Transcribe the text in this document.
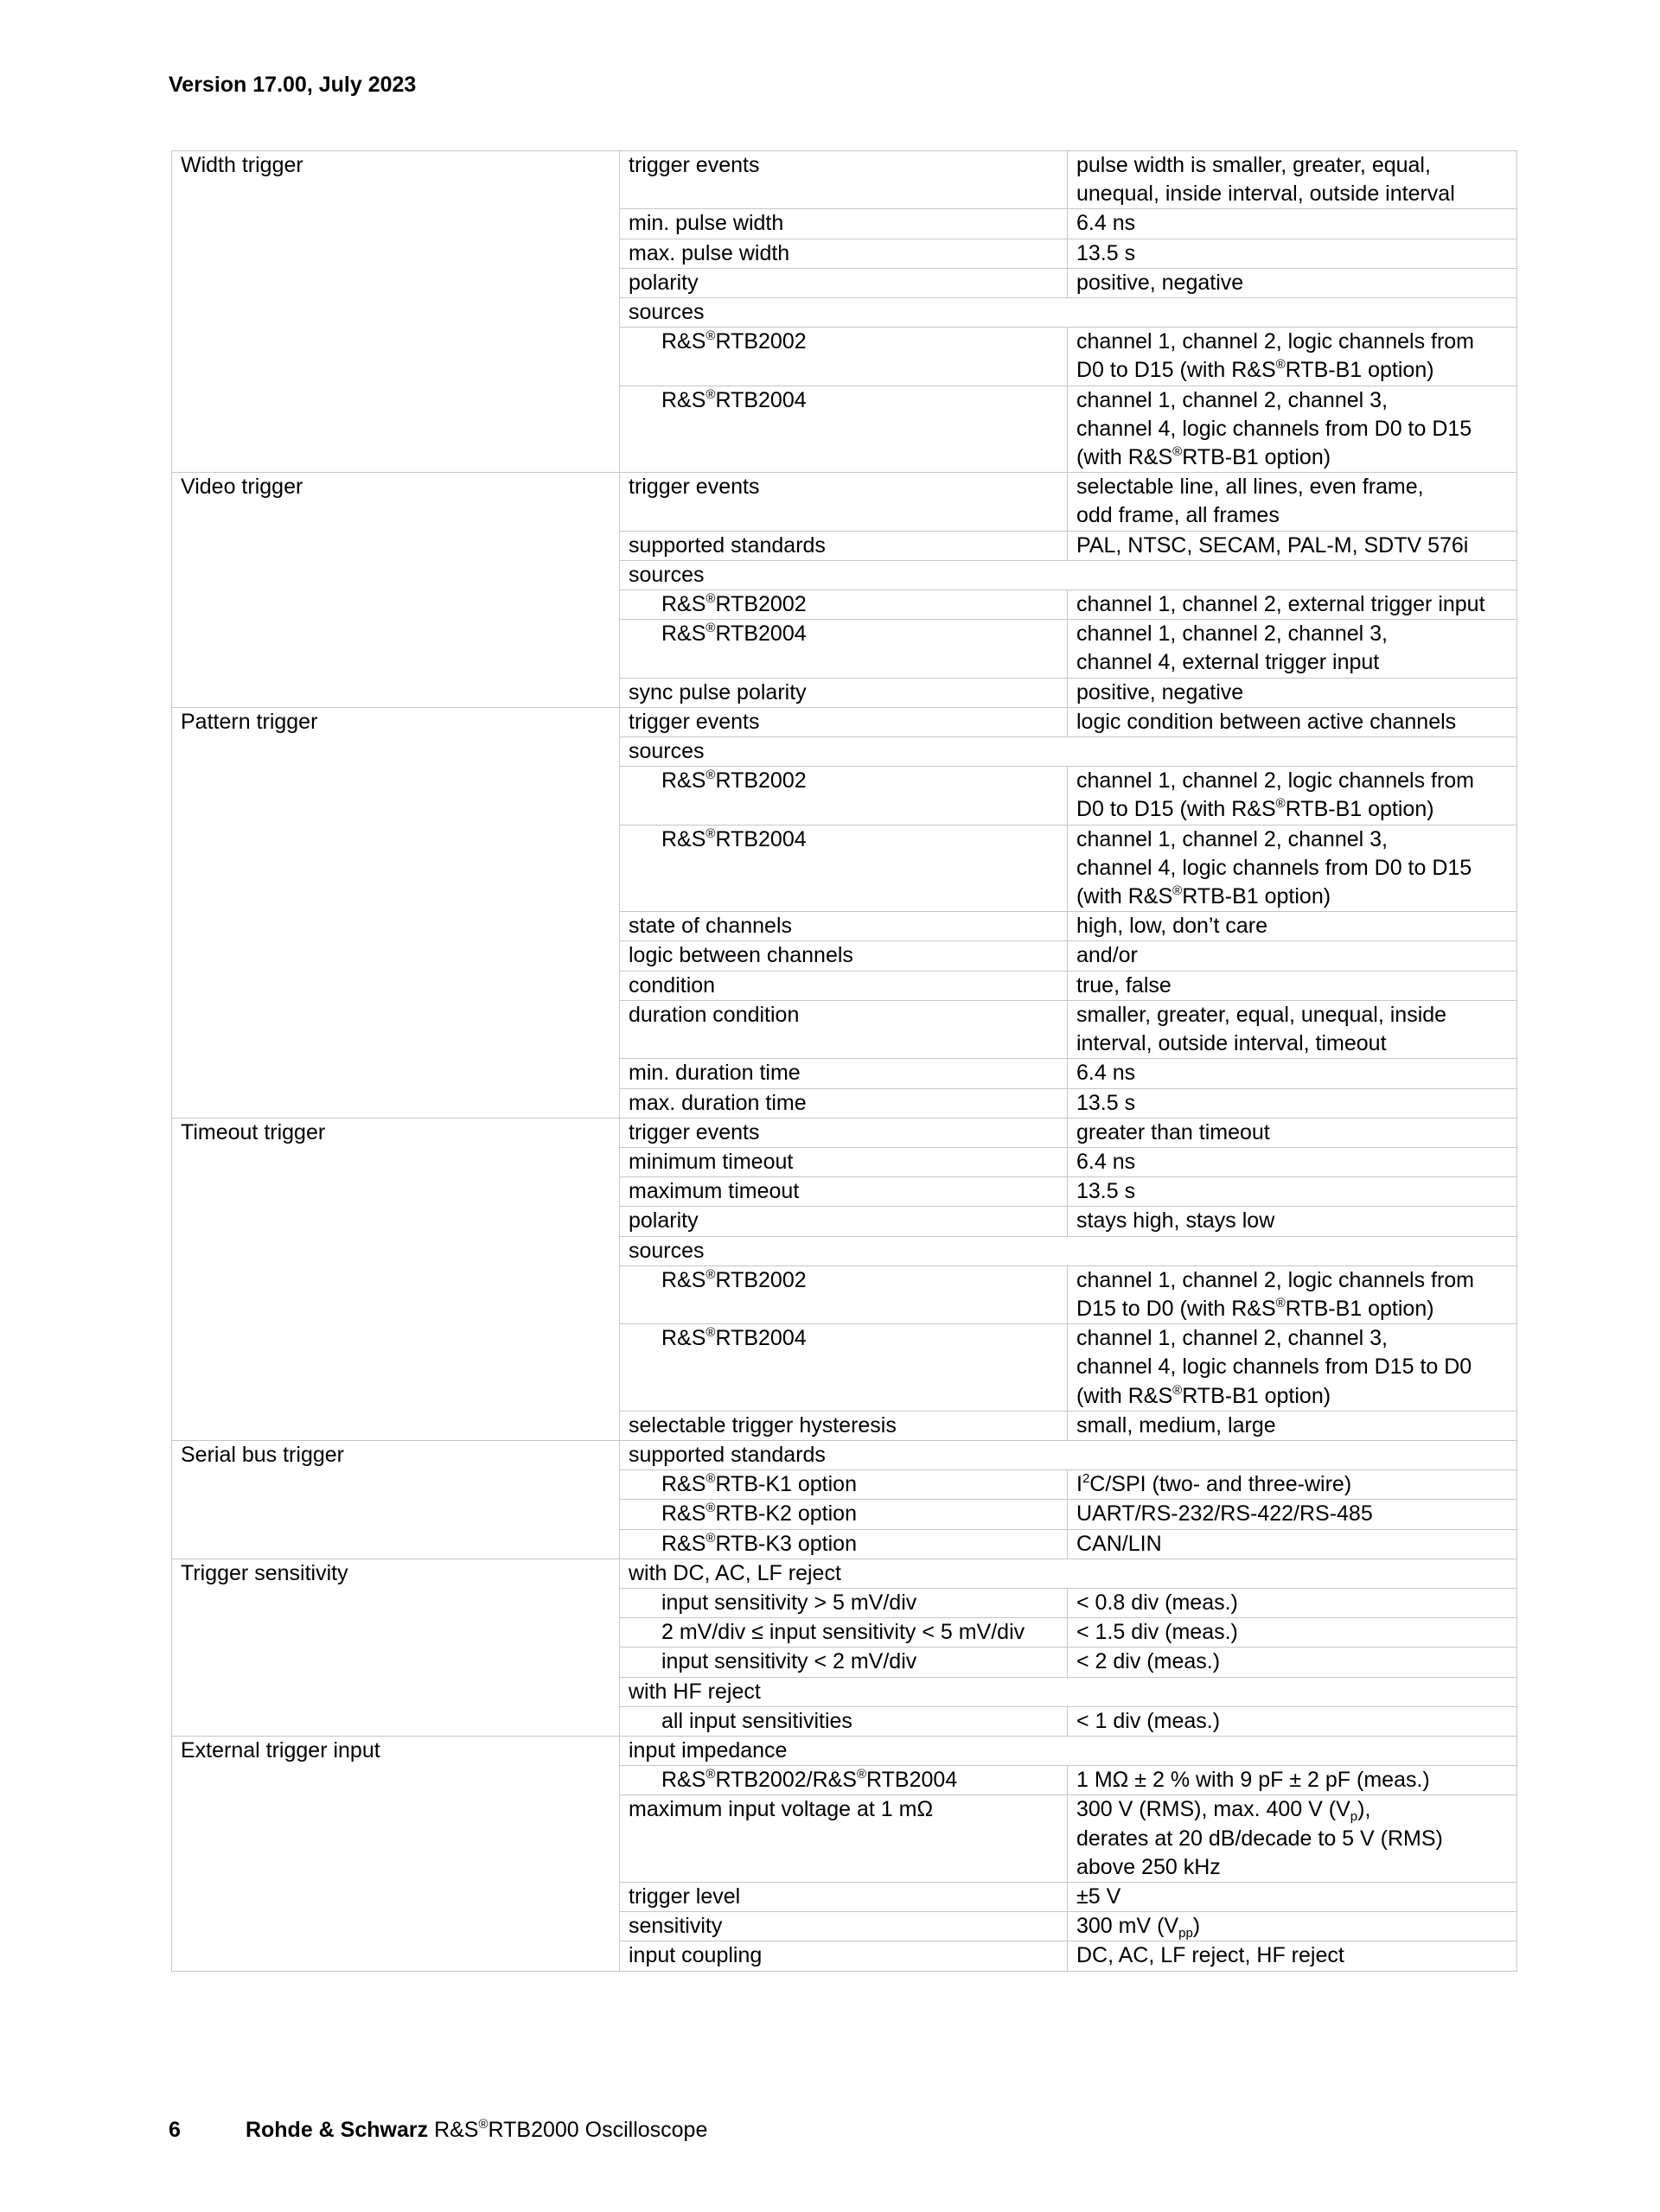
Version 17.00, July 2023
Width trigger	trigger events	pulse width is smaller, greater, equal,
unequal, inside interval, outside interval

	min. pulse width	6.4 ns

	max. pulse width	13.5 s

	polarity	positive, negative

	sources	
	R&S®RTB2002	channel 1, channel 2, logic channels from
D0 to D15 (with R&S®RTB-B1 option)

	R&S®RTB2004	channel 1, channel 2, channel 3,
channel 4, logic channels from D0 to D15
(with R&S®RTB-B1 option)

Video trigger	trigger events	selectable line, all lines, even frame,
odd frame, all frames

	supported standards	PAL, NTSC, SECAM, PAL-M, SDTV 576i

	sources	
	R&S®RTB2002	channel 1, channel 2, external trigger input

	R&S®RTB2004	channel 1, channel 2, channel 3,
channel 4, external trigger input

	sync pulse polarity	positive, negative

Pattern trigger	trigger events	logic condition between active channels

	sources	
	R&S®RTB2002	channel 1, channel 2, logic channels from
D0 to D15 (with R&S®RTB-B1 option)

	R&S®RTB2004	channel 1, channel 2, channel 3,
channel 4, logic channels from D0 to D15
(with R&S®RTB-B1 option)

	state of channels	high, low, don’t care

	logic between channels	and/or

	condition	true, false

	duration condition	smaller, greater, equal, unequal, inside
interval, outside interval, timeout

	min. duration time	6.4 ns

	max. duration time	13.5 s

Timeout trigger	trigger events	greater than timeout

	minimum timeout	6.4 ns

	maximum timeout	13.5 s

	polarity	stays high, stays low

	sources	
	R&S®RTB2002	channel 1, channel 2, logic channels from
D15 to D0 (with R&S®RTB-B1 option)

	R&S®RTB2004	channel 1, channel 2, channel 3,
channel 4, logic channels from D15 to D0
(with R&S®RTB-B1 option)

	selectable trigger hysteresis	small, medium, large

Serial bus trigger	supported standards	
	R&S®RTB-K1 option	$I^2C$/SPI (two- and three-wire)

	R&S®RTB-K2 option	UART/RS-232/RS-422/RS-485

	R&S®RTB-K3 option	CAN/LIN

Trigger sensitivity	with DC, AC, LF reject	
	input sensitivity > 5 mV/div	< 0.8 div (meas.)

	2 mV/div ≤ input sensitivity < 5 mV/div	< 1.5 div (meas.)

	input sensitivity < 2 mV/div	< 2 div (meas.)

	with HF reject	
	all input sensitivities	< 1 div (meas.)

External trigger input	input impedance	
	R&S®RTB2002/R&S®RTB2004	1 MΩ ± 2 % with 9 pF ± 2 pF (meas.)

	maximum input voltage at 1 mΩ	300 V (RMS), max. 400 V $(V_p)$,
derates at 20 dB/decade to 5 V (RMS)
above 250 kHz

	trigger level	±5 V

	sensitivity	300 mV $(V_{pp})$

	input coupling	DC, AC, LF reject, HF reject
6	Rohde & Schwarz R&S®RTB2000 Oscilloscope
